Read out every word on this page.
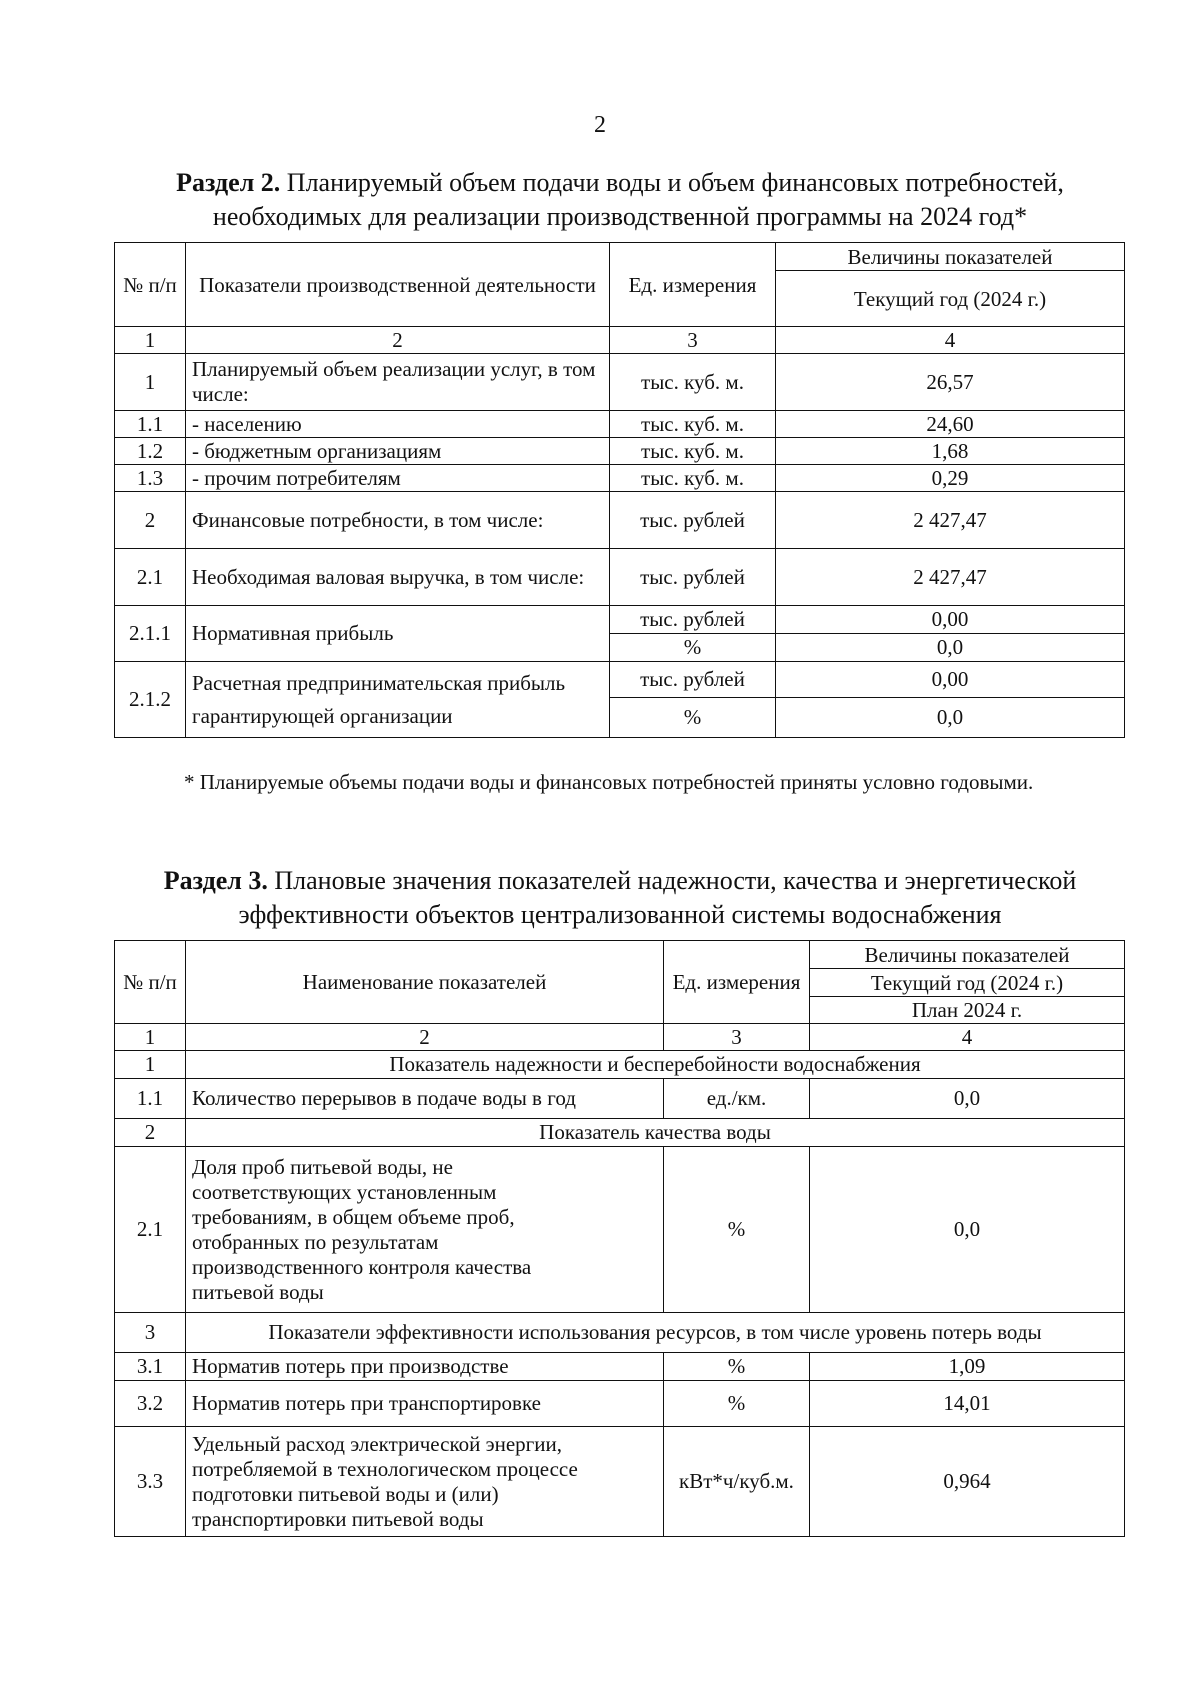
2
Раздел 2. Планируемый объем подачи воды и объем финансовых потребностей,
необходимых для реализации производственной программы на 2024 год*
№ п/п	Показатели производственной деятельности	Ед. измерения	Величины показателей
			Текущий год (2024 г.)
1	2	3	4
1	Планируемый объем реализации услуг, в том числе:	тыс. куб. м.	26,57
1.1	- населению	тыс. куб. м.	24,60
1.2	- бюджетным организациям	тыс. куб. м.	1,68
1.3	- прочим потребителям	тыс. куб. м.	0,29
2	Финансовые потребности, в том числе:	тыс. рублей	2 427,47
2.1	Необходимая валовая выручка, в том числе:	тыс. рублей	2 427,47
2.1.1	Нормативная прибыль	тыс. рублей	0,00
		%	0,0
2.1.2	Расчетная предпринимательская прибыль гарантирующей организации	тыс. рублей	0,00
		%	0,0
* Планируемые объемы подачи воды и финансовых потребностей приняты условно годовыми.
Раздел 3. Плановые значения показателей надежности, качества и энергетической
эффективности объектов централизованной системы водоснабжения
№ п/п	Наименование показателей	Ед. измерения	Величины показателей
			Текущий год (2024 г.)
			План 2024 г.
1	2	3	4
1	Показатель надежности и бесперебойности водоснабжения		
1.1	Количество перерывов в подаче воды в год	ед./км.	0,0
2	Показатель качества воды		
2.1	Доля проб питьевой воды, не соответствующих установленным требованиям, в общем объеме проб, отобранных по результатам производственного контроля качества питьевой воды	%	0,0
3	Показатели эффективности использования ресурсов, в том числе уровень потерь воды		
3.1	Норматив потерь при производстве	%	1,09
3.2	Норматив потерь при транспортировке	%	14,01
3.3	Удельный расход электрической энергии, потребляемой в технологическом процессе подготовки питьевой воды и (или) транспортировки питьевой воды	кВт*ч/куб.м.	0,964
